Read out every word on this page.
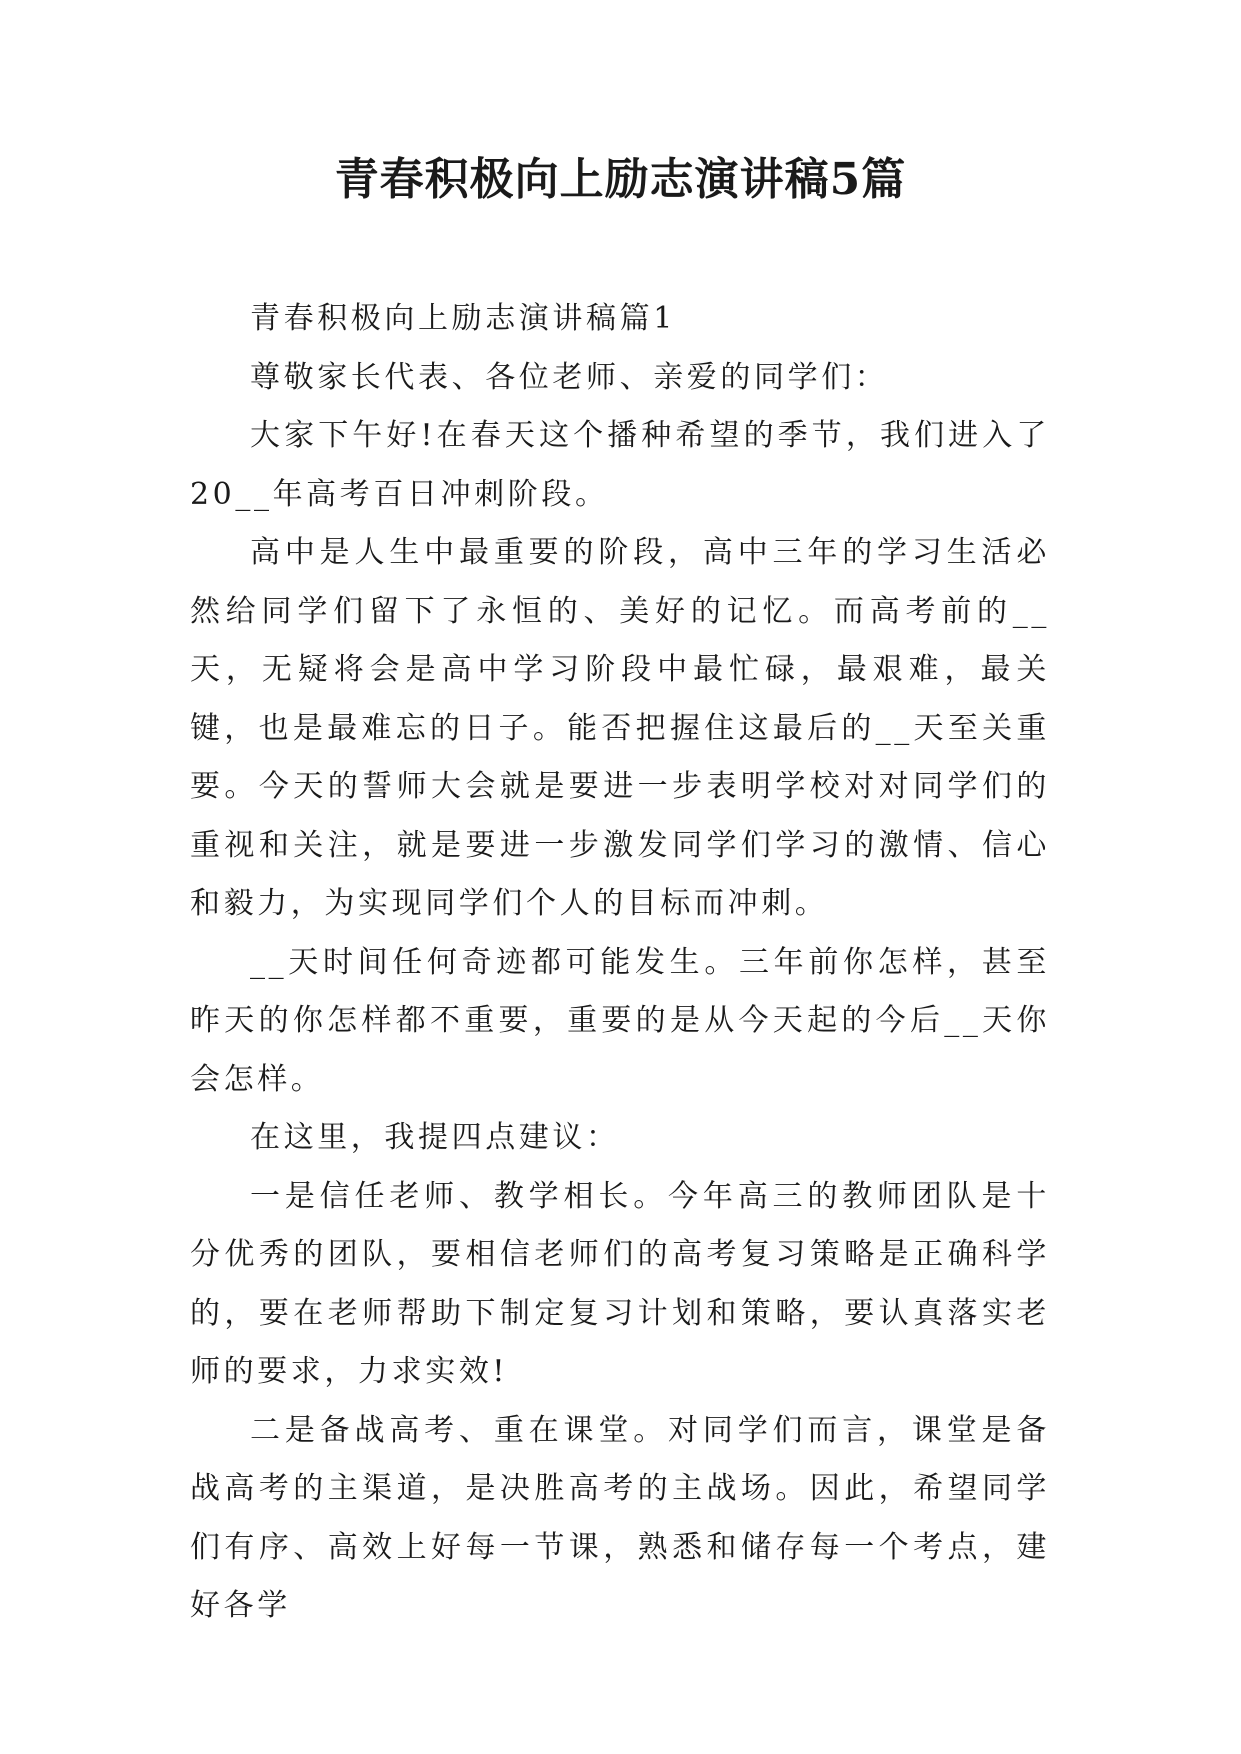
青春积极向上励志演讲稿5篇

青春积极向上励志演讲稿篇1

尊敬家长代表、各位老师、亲爱的同学们：

大家下午好!在春天这个播种希望的季节，我们进入了20__年高考百日冲刺阶段。

高中是人生中最重要的阶段，高中三年的学习生活必然给同学们留下了永恒的、美好的记忆。而高考前的__天，无疑将会是高中学习阶段中最忙碌，最艰难，最关键，也是最难忘的日子。能否把握住这最后的__天至关重要。今天的誓师大会就是要进一步表明学校对对同学们的重视和关注，就是要进一步激发同学们学习的激情、信心和毅力，为实现同学们个人的目标而冲刺。

__天时间任何奇迹都可能发生。三年前你怎样，甚至昨天的你怎样都不重要，重要的是从今天起的今后__天你会怎样。

在这里，我提四点建议：

一是信任老师、教学相长。今年高三的教师团队是十分优秀的团队，要相信老师们的高考复习策略是正确科学的，要在老师帮助下制定复习计划和策略，要认真落实老师的要求，力求实效!

二是备战高考、重在课堂。对同学们而言，课堂是备战高考的主渠道，是决胜高考的主战场。因此，希望同学们有序、高效上好每一节课，熟悉和储存每一个考点，建好各学
